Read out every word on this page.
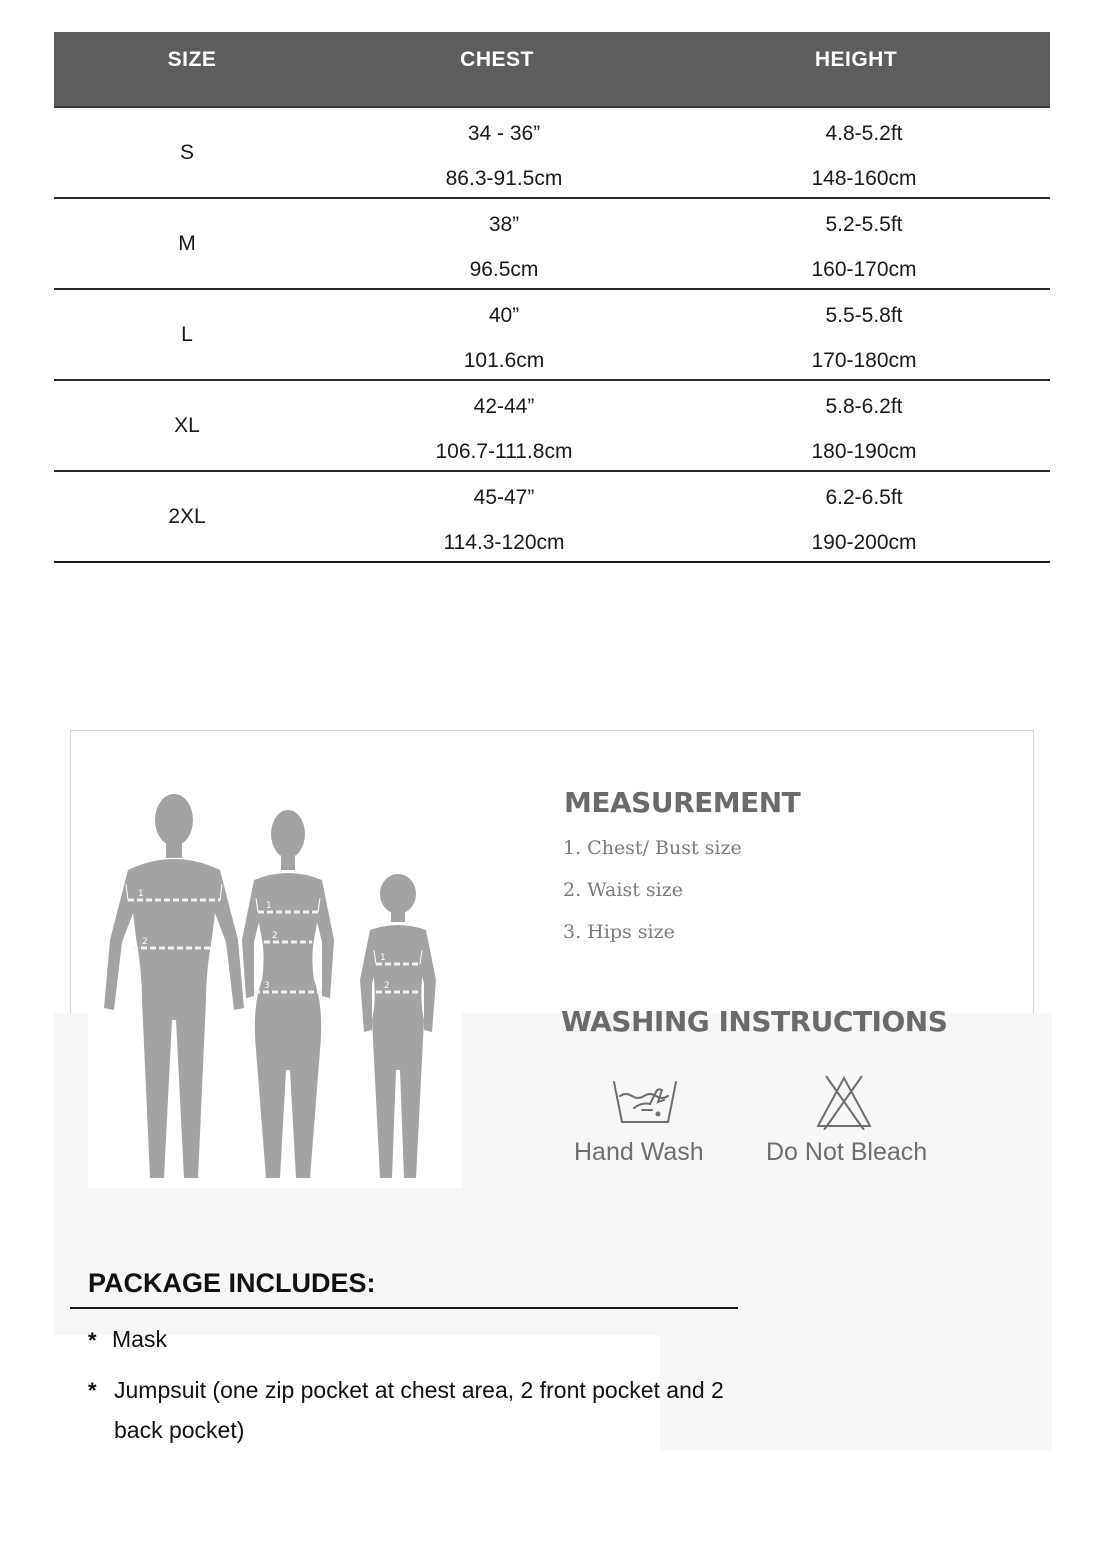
SIZE	CHEST	HEIGHT
S
34 - 36”
86.3-91.5cm
4.8-5.2ft
148-160cm
M
38”
96.5cm
5.2-5.5ft
160-170cm
L
40”
101.6cm
5.5-5.8ft
170-180cm
XL
42-44”
106.7-111.8cm
5.8-6.2ft
180-190cm
2XL
45-47”
114.3-120cm
6.2-6.5ft
190-200cm
1
2
1
2
3
1
2
MEASUREMENT
1. Chest/ Bust size
2. Waist size
3. Hips size
WASHING INSTRUCTIONS
Hand Wash Do Not Bleach
PACKAGE INCLUDES:
* Mask
* Jumpsuit (one zip pocket at chest area, 2 front pocket and 2
back pocket)
